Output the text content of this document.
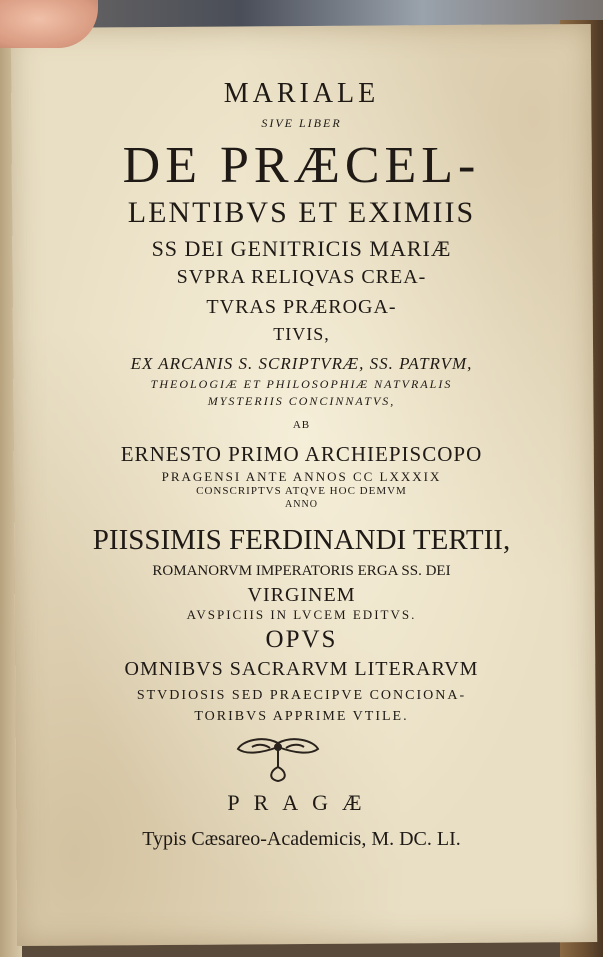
MARIALE
SIVE LIBER
DE PRÆCEL-
LENTIBVS ET EXIMIIS
SS DEI GENITRICIS MARIÆ
SVPRA RELIQVAS CREA-
TVRAS PRÆROGA-
TIVIS,
EX ARCANIS S. SCRIPTVRÆ, SS. PATRVM,
THEOLOGIÆ ET PHILOSOPHIÆ NATVRALIS
MYSTERIIS CONCINNATVS,
AB
ERNESTO PRIMO ARCHIEPISCOPO
PRAGENSI ANTE ANNOS CC LXXXIX
CONSCRIPTVS ATQVE HOC DEMVM
ANNO
PIISSIMIS FERDINANDI TERTII,
ROMANORVM IMPERATORIS ERGA SS. DEI
VIRGINEM
AVSPICIIS IN LVCEM EDITVS.
OPVS
OMNIBVS SACRARVM LITERARVM
STVDIOSIS SED PRAECIPVE CONCIONA-
TORIBVS APPRIME VTILE.
PRAGÆ
Typis Cæsareo-Academicis, M. DC. LI.
